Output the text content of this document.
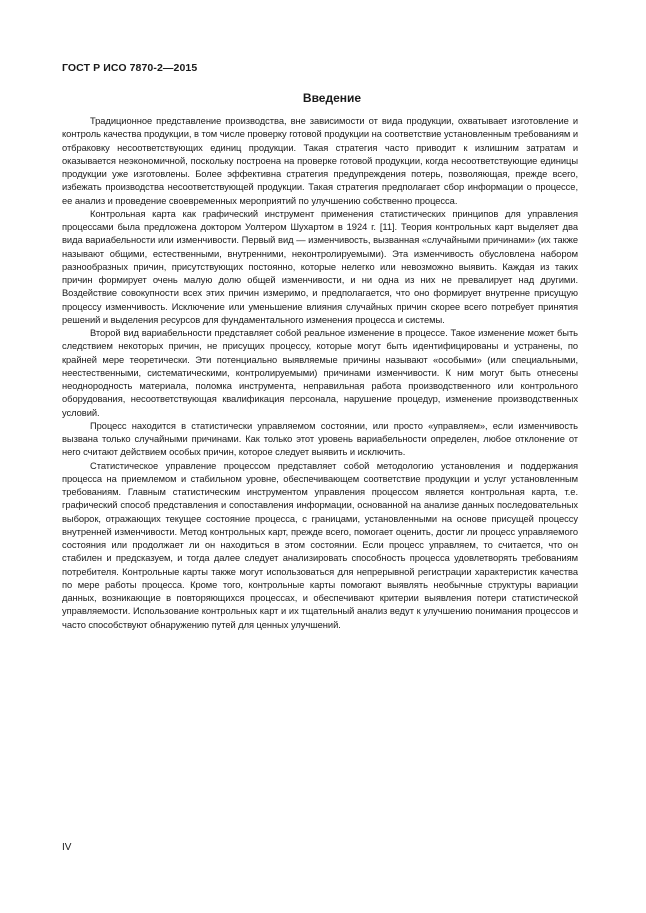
ГОСТ Р ИСО 7870-2—2015
Введение

Традиционное представление производства, вне зависимости от вида продукции, охватывает изготовление и контроль качества продукции, в том числе проверку готовой продукции на соответствие установленным требованиям и отбраковку несоответствующих единиц продукции. Такая стратегия часто приводит к излишним затратам и оказывается неэкономичной, поскольку построена на проверке готовой продукции, когда несоответствующие единицы продукции уже изготовлены. Более эффективна стратегия предупреждения потерь, позволяющая, прежде всего, избежать производства несоответствующей продукции. Такая стратегия предполагает сбор информации о процессе, ее анализ и проведение своевременных мероприятий по улучшению собственно процесса.

Контрольная карта как графический инструмент применения статистических принципов для управления процессами была предложена доктором Уолтером Шухартом в 1924 г. [11]. Теория контрольных карт выделяет два вида вариабельности или изменчивости. Первый вид — изменчивость, вызванная «случайными причинами» (их также называют общими, естественными, внутренними, неконтролируемыми). Эта изменчивость обусловлена набором разнообразных причин, присутствующих постоянно, которые нелегко или невозможно выявить. Каждая из таких причин формирует очень малую долю общей изменчивости, и ни одна из них не превалирует над другими. Воздействие совокупности всех этих причин измеримо, и предполагается, что оно формирует внутренне присущую процессу изменчивость. Исключение или уменьшение влияния случайных причин скорее всего потребует принятия решений и выделения ресурсов для фундаментального изменения процесса и системы.

Второй вид вариабельности представляет собой реальное изменение в процессе. Такое изменение может быть следствием некоторых причин, не присущих процессу, которые могут быть идентифицированы и устранены, по крайней мере теоретически. Эти потенциально выявляемые причины называют «особыми» (или специальными, неестественными, систематическими, контролируемыми) причинами изменчивости. К ним могут быть отнесены неоднородность материала, поломка инструмента, неправильная работа производственного или контрольного оборудования, несоответствующая квалификация персонала, нарушение процедур, изменение производственных условий.

Процесс находится в статистически управляемом состоянии, или просто «управляем», если изменчивость вызвана только случайными причинами. Как только этот уровень вариабельности определен, любое отклонение от него считают действием особых причин, которое следует выявить и исключить.

Статистическое управление процессом представляет собой методологию установления и поддержания процесса на приемлемом и стабильном уровне, обеспечивающем соответствие продукции и услуг установленным требованиям. Главным статистическим инструментом управления процессом является контрольная карта, т.е. графический способ представления и сопоставления информации, основанной на анализе данных последовательных выборок, отражающих текущее состояние процесса, с границами, установленными на основе присущей процессу внутренней изменчивости. Метод контрольных карт, прежде всего, помогает оценить, достиг ли процесс управляемого состояния или продолжает ли он находиться в этом состоянии. Если процесс управляем, то считается, что он стабилен и предсказуем, и тогда далее следует анализировать способность процесса удовлетворять требованиям потребителя. Контрольные карты также могут использоваться для непрерывной регистрации характеристик качества по мере работы процесса. Кроме того, контрольные карты помогают выявлять необычные структуры вариации данных, возникающие в повторяющихся процессах, и обеспечивают критерии выявления потери статистической управляемости. Использование контрольных карт и их тщательный анализ ведут к улучшению понимания процессов и часто способствуют обнаружению путей для ценных улучшений.

IV
